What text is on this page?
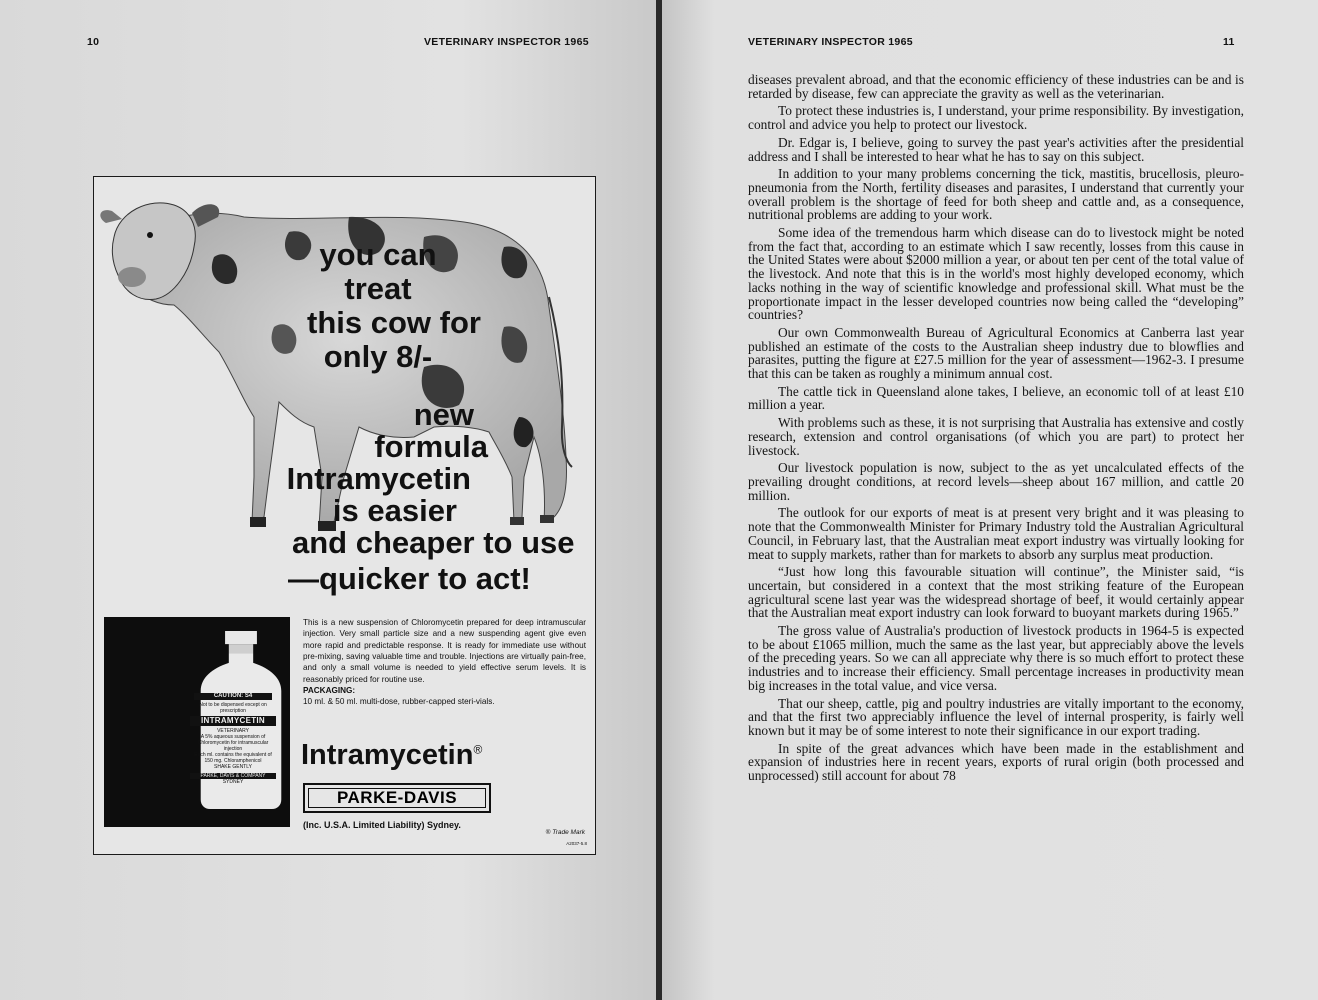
10	VETERINARY INSPECTOR 1965
you can
treat
this cow for
only 8/-
new
formula
Intramycetin
is easier
and cheaper to use
—quicker to act!
CAUTION: S4
Not to be dispensed except on prescription
INTRAMYCETIN
VETERINARY
A 5% aqueous suspension of Chloromycetin for intramuscular injection
Each ml. contains the equivalent of 150 mg. Chloramphenicol
SHAKE GENTLY
PARKE, DAVIS & COMPANY
SYDNEY
This is a new suspension of Chloromycetin prepared for deep intramuscular injection. Very small particle size and a new suspending agent give even more rapid and predictable response. It is ready for immediate use without pre-mixing, saving valuable time and trouble. Injections are virtually pain-free, and only a small volume is needed to yield effective serum levels. It is reasonably priced for routine use.
PACKAGING:
10 ml. & 50 ml. multi-dose, rubber-capped steri-vials.
Intramycetin®
PARKE-DAVIS
(Inc. U.S.A. Limited Liability) Sydney.
® Trade Mark
A2037-5.8
VETERINARY INSPECTOR 1965	11

diseases prevalent abroad, and that the economic efficiency of these industries can be and is retarded by disease, few can appreciate the gravity as well as the veterinarian.

To protect these industries is, I understand, your prime responsibility. By investigation, control and advice you help to protect our livestock.

Dr. Edgar is, I believe, going to survey the past year's activities after the presidential address and I shall be interested to hear what he has to say on this subject.

In addition to your many problems concerning the tick, mastitis, brucellosis, pleuro-pneumonia from the North, fertility diseases and parasites, I understand that currently your overall problem is the shortage of feed for both sheep and cattle and, as a consequence, nutritional problems are adding to your work.

Some idea of the tremendous harm which disease can do to livestock might be noted from the fact that, according to an estimate which I saw recently, losses from this cause in the United States were about $2000 million a year, or about ten per cent of the total value of the livestock. And note that this is in the world's most highly developed economy, which lacks nothing in the way of scientific knowledge and professional skill. What must be the proportionate impact in the lesser developed countries now being called the “developing” countries?

Our own Commonwealth Bureau of Agricultural Economics at Canberra last year published an estimate of the costs to the Australian sheep industry due to blowflies and parasites, putting the figure at £27.5 million for the year of assessment—1962-3. I presume that this can be taken as roughly a minimum annual cost.

The cattle tick in Queensland alone takes, I believe, an economic toll of at least £10 million a year.

With problems such as these, it is not surprising that Australia has extensive and costly research, extension and control organisations (of which you are part) to protect her livestock.

Our livestock population is now, subject to the as yet uncalculated effects of the prevailing drought conditions, at record levels—sheep about 167 million, and cattle 20 million.

The outlook for our exports of meat is at present very bright and it was pleasing to note that the Commonwealth Minister for Primary Industry told the Australian Agricultural Council, in February last, that the Australian meat export industry was virtually looking for meat to supply markets, rather than for markets to absorb any surplus meat production.

“Just how long this favourable situation will continue”, the Minister said, “is uncertain, but considered in a context that the most striking feature of the European agricultural scene last year was the widespread shortage of beef, it would certainly appear that the Australian meat export industry can look forward to buoyant markets during 1965.”

The gross value of Australia's production of livestock products in 1964-5 is expected to be about £1065 million, much the same as the last year, but appreciably above the levels of the preceding years. So we can all appreciate why there is so much effort to protect these industries and to increase their efficiency. Small percentage increases in productivity mean big increases in the total value, and vice versa.

That our sheep, cattle, pig and poultry industries are vitally important to the economy, and that the first two appreciably influence the level of internal prosperity, is fairly well known but it may be of some interest to note their significance in our export trading.

In spite of the great advances which have been made in the establishment and expansion of industries here in recent years, exports of rural origin (both processed and unprocessed) still account for about 78
